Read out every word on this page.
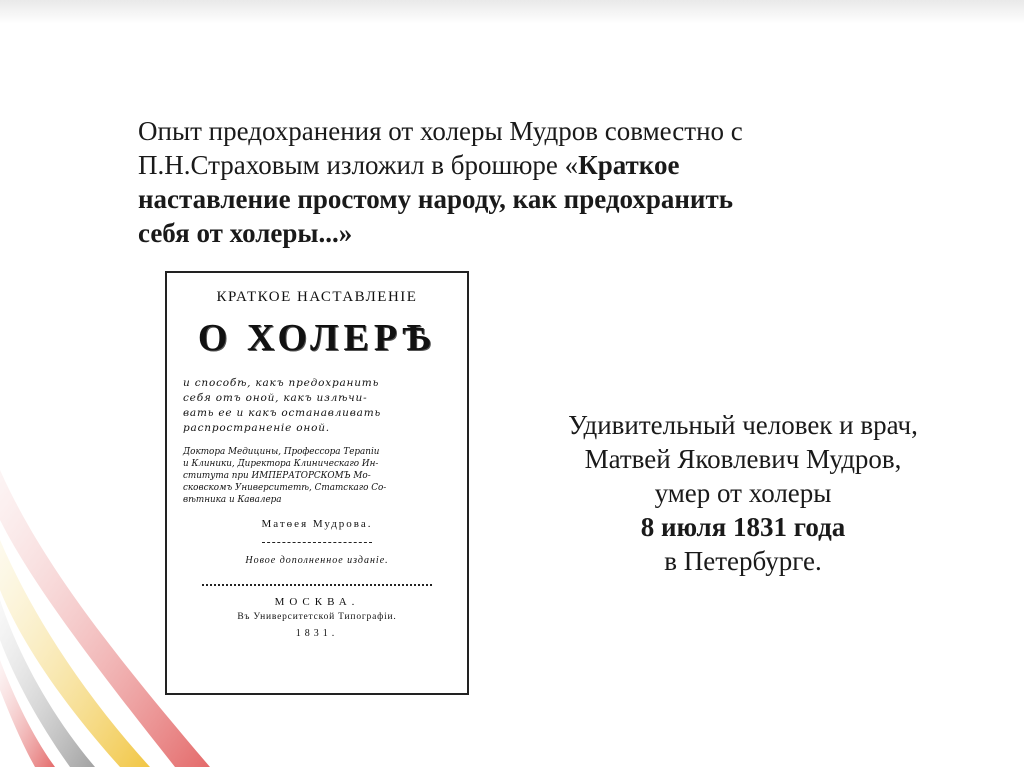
Опыт предохранения от холеры Мудров совместно с
П.Н.Страховым изложил в брошюре «Краткое
наставление простому народу, как предохранить
себя от холеры...»
КРАТКОЕ НАСТАВЛЕНІЕ
О ХОЛЕРѢ
и способѣ, какъ предохранить
себя отъ оной, какъ излѣчи-
вать ее и какъ останавливать
распространеніе оной.
Доктора Медицины, Профессора Терапіи
и Клиники, Директора Клиническаго Ин-
ститута при ИМПЕРАТОРСКОМЪ Мо-
сковскомъ Университетѣ, Статскаго Со-
вѣтника и Кавалера
Матѳея Мудрова.
Новое дополненное изданіе.
МОСКВА.
Въ Университетской Типографіи.
1831.
Удивительный человек и врач,
Матвей Яковлевич Мудров,
умер от холеры
8 июля 1831 года
в Петербурге.
